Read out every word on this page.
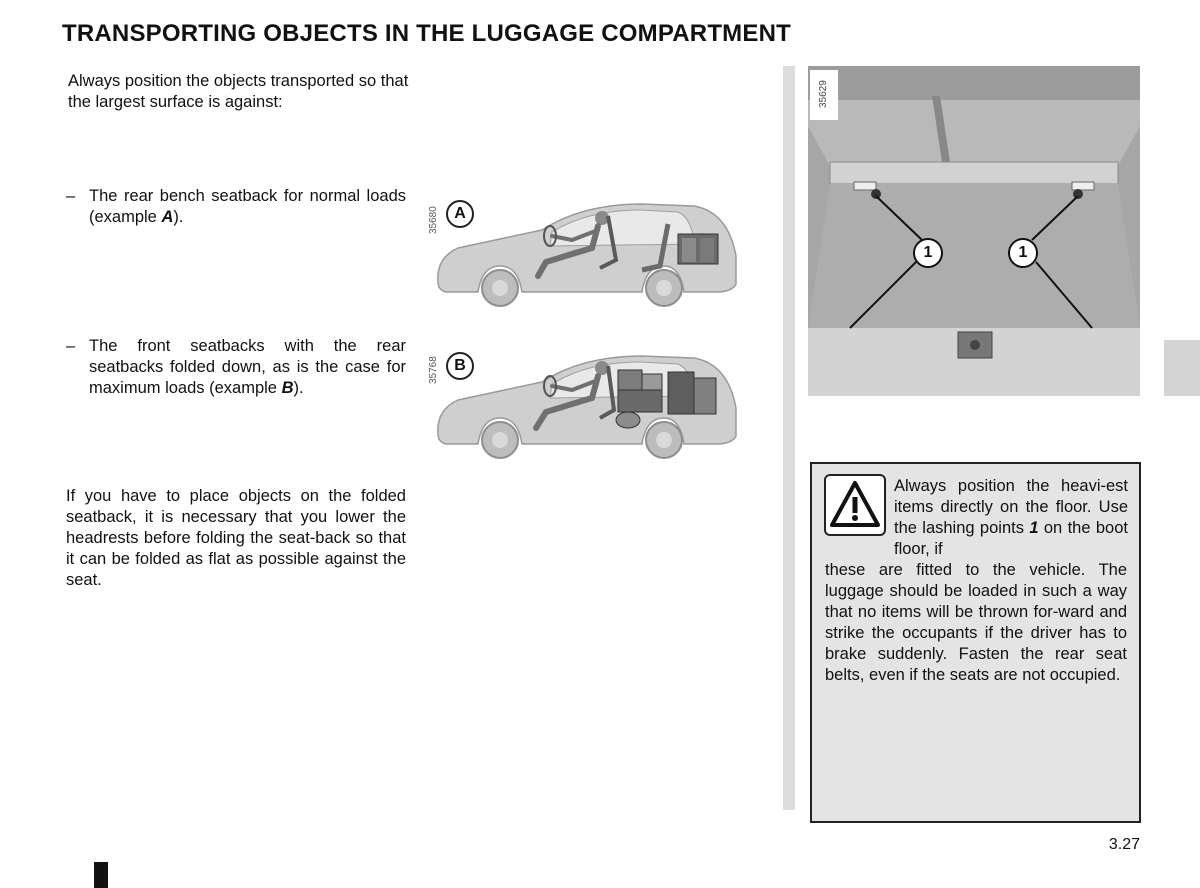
TRANSPORTING OBJECTS IN THE LUGGAGE COMPARTMENT
Always position the objects transported so that the largest surface is against:
– The rear bench seatback for normal loads (example A).
– The front seatbacks with the rear seatbacks folded down, as is the case for maximum loads (example B).
If you have to place objects on the folded seatback, it is necessary that you lower the headrests before folding the seat-back so that it can be folded as flat as possible against the seat.
35680 A
35768 B
1	1
35629
Always position the heavi-est items directly on the floor. Use the lashing points 1 on the boot floor, if
these are fitted to the vehicle. The luggage should be loaded in such a way that no items will be thrown for-ward and strike the occupants if the driver has to brake suddenly. Fasten the rear seat belts, even if the seats are not occupied.
3.27
